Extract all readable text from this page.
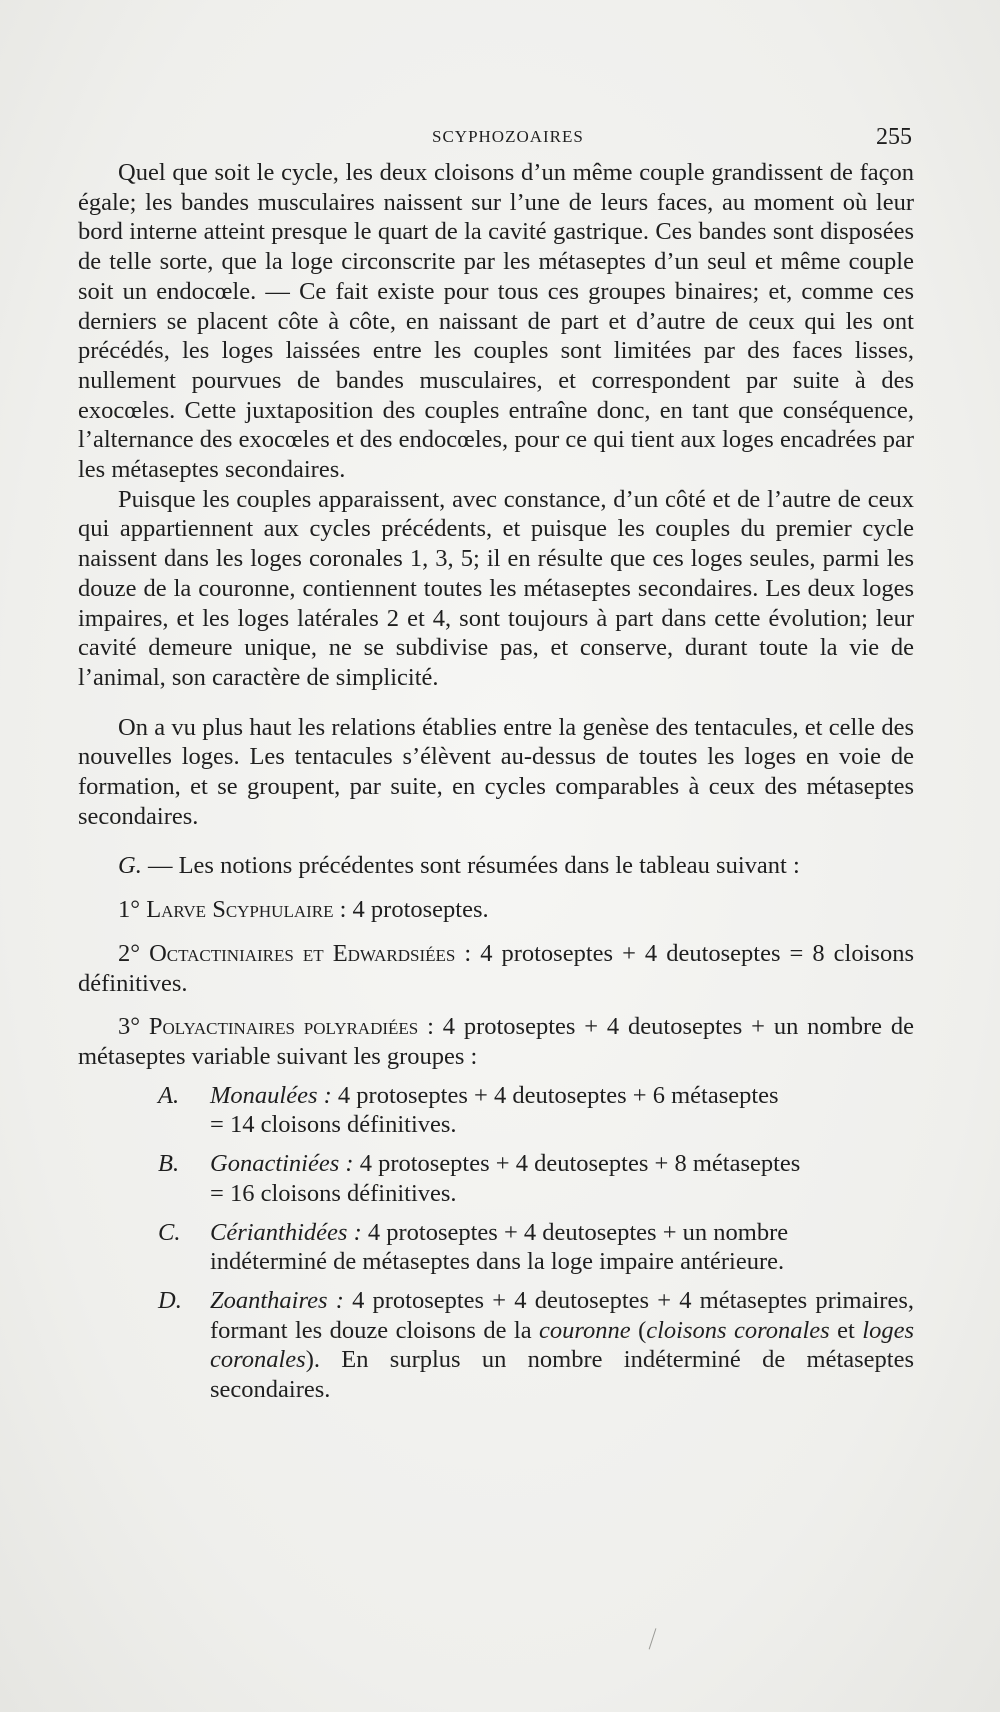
SCYPHOZOAIRES	255

Quel que soit le cycle, les deux cloisons d’un même couple grandissent de façon égale; les bandes musculaires naissent sur l’une de leurs faces, au moment où leur bord interne atteint presque le quart de la cavité gastrique. Ces bandes sont disposées de telle sorte, que la loge circonscrite par les métaseptes d’un seul et même couple soit un endocœle. — Ce fait existe pour tous ces groupes binaires; et, comme ces derniers se placent côte à côte, en naissant de part et d’autre de ceux qui les ont précédés, les loges laissées entre les couples sont limitées par des faces lisses, nullement pourvues de bandes musculaires, et correspondent par suite à des exocœles. Cette juxtaposition des couples entraîne donc, en tant que conséquence, l’alternance des exocœles et des endocœles, pour ce qui tient aux loges encadrées par les métaseptes secondaires.

Puisque les couples apparaissent, avec constance, d’un côté et de l’autre de ceux qui appartiennent aux cycles précédents, et puisque les couples du premier cycle naissent dans les loges coronales 1, 3, 5; il en résulte que ces loges seules, parmi les douze de la couronne, contiennent toutes les métaseptes secondaires. Les deux loges impaires, et les loges latérales 2 et 4, sont toujours à part dans cette évolution; leur cavité demeure unique, ne se subdivise pas, et conserve, durant toute la vie de l’animal, son caractère de simplicité.

On a vu plus haut les relations établies entre la genèse des tentacules, et celle des nouvelles loges. Les tentacules s’élèvent au-dessus de toutes les loges en voie de formation, et se groupent, par suite, en cycles comparables à ceux des métaseptes secondaires.

G. — Les notions précédentes sont résumées dans le tableau suivant :

1° Larve Scyphulaire : 4 protoseptes.

2° Octactiniaires et Edwardsiées : 4 protoseptes + 4 deutoseptes = 8 cloisons définitives.

3° Polyactinaires polyradiées : 4 protoseptes + 4 deutoseptes + un nombre de métaseptes variable suivant les groupes :

A. Monaulées : 4 protoseptes + 4 deutoseptes + 6 métaseptes
= 14 cloisons définitives.
B. Gonactiniées : 4 protoseptes + 4 deutoseptes + 8 métaseptes
= 16 cloisons définitives.
C. Cérianthidées : 4 protoseptes + 4 deutoseptes + un nombre
indéterminé de métaseptes dans la loge impaire antérieure.
D. Zoanthaires : 4 protoseptes + 4 deutoseptes + 4 métaseptes primaires, formant les douze cloisons de la couronne (cloisons coronales et loges coronales). En surplus un nombre indéterminé de métaseptes secondaires.
